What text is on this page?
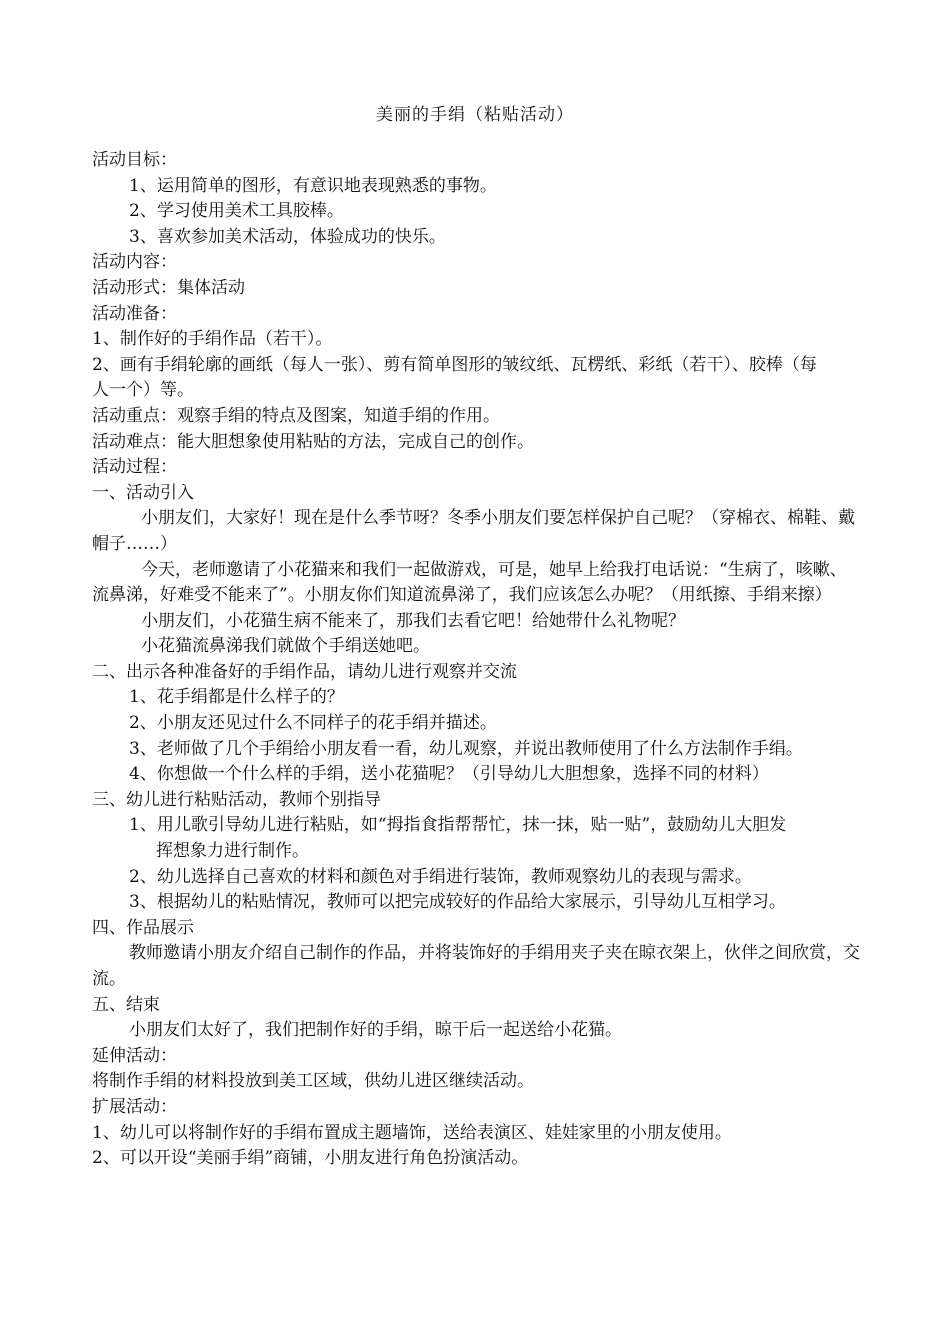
美丽的手绢（粘贴活动）
活动目标：
1、运用简单的图形，有意识地表现熟悉的事物。
2、学习使用美术工具胶棒。
3、喜欢参加美术活动，体验成功的快乐。
活动内容：
活动形式：集体活动
活动准备：
1、制作好的手绢作品（若干）。
2、画有手绢轮廓的画纸（每人一张）、剪有简单图形的皱纹纸、瓦楞纸、彩纸（若干）、胶棒（每
人一个）等。
活动重点：观察手绢的特点及图案，知道手绢的作用。
活动难点：能大胆想象使用粘贴的方法，完成自己的创作。
活动过程：
一、活动引入
小朋友们，大家好！现在是什么季节呀？冬季小朋友们要怎样保护自己呢？（穿棉衣、棉鞋、戴帽子……）
今天，老师邀请了小花猫来和我们一起做游戏，可是，她早上给我打电话说：“生病了，咳嗽、流鼻涕，好难受不能来了”。小朋友你们知道流鼻涕了，我们应该怎么办呢？（用纸擦、手绢来擦）
小朋友们，小花猫生病不能来了，那我们去看它吧！给她带什么礼物呢？
小花猫流鼻涕我们就做个手绢送她吧。
二、出示各种准备好的手绢作品，请幼儿进行观察并交流
1、花手绢都是什么样子的？
2、小朋友还见过什么不同样子的花手绢并描述。
3、老师做了几个手绢给小朋友看一看，幼儿观察，并说出教师使用了什么方法制作手绢。
4、你想做一个什么样的手绢，送小花猫呢？（引导幼儿大胆想象，选择不同的材料）
三、幼儿进行粘贴活动，教师个别指导
1、用儿歌引导幼儿进行粘贴，如“拇指食指帮帮忙，抹一抹，贴一贴”，鼓励幼儿大胆发
挥想象力进行制作。
2、幼儿选择自己喜欢的材料和颜色对手绢进行装饰，教师观察幼儿的表现与需求。
3、根据幼儿的粘贴情况，教师可以把完成较好的作品给大家展示，引导幼儿互相学习。
四、作品展示
教师邀请小朋友介绍自己制作的作品，并将装饰好的手绢用夹子夹在晾衣架上，伙伴之间欣赏，交流。
五、结束
小朋友们太好了，我们把制作好的手绢，晾干后一起送给小花猫。
延伸活动：
将制作手绢的材料投放到美工区域，供幼儿进区继续活动。
扩展活动：
1、幼儿可以将制作好的手绢布置成主题墙饰，送给表演区、娃娃家里的小朋友使用。
2、可以开设“美丽手绢”商铺，小朋友进行角色扮演活动。
